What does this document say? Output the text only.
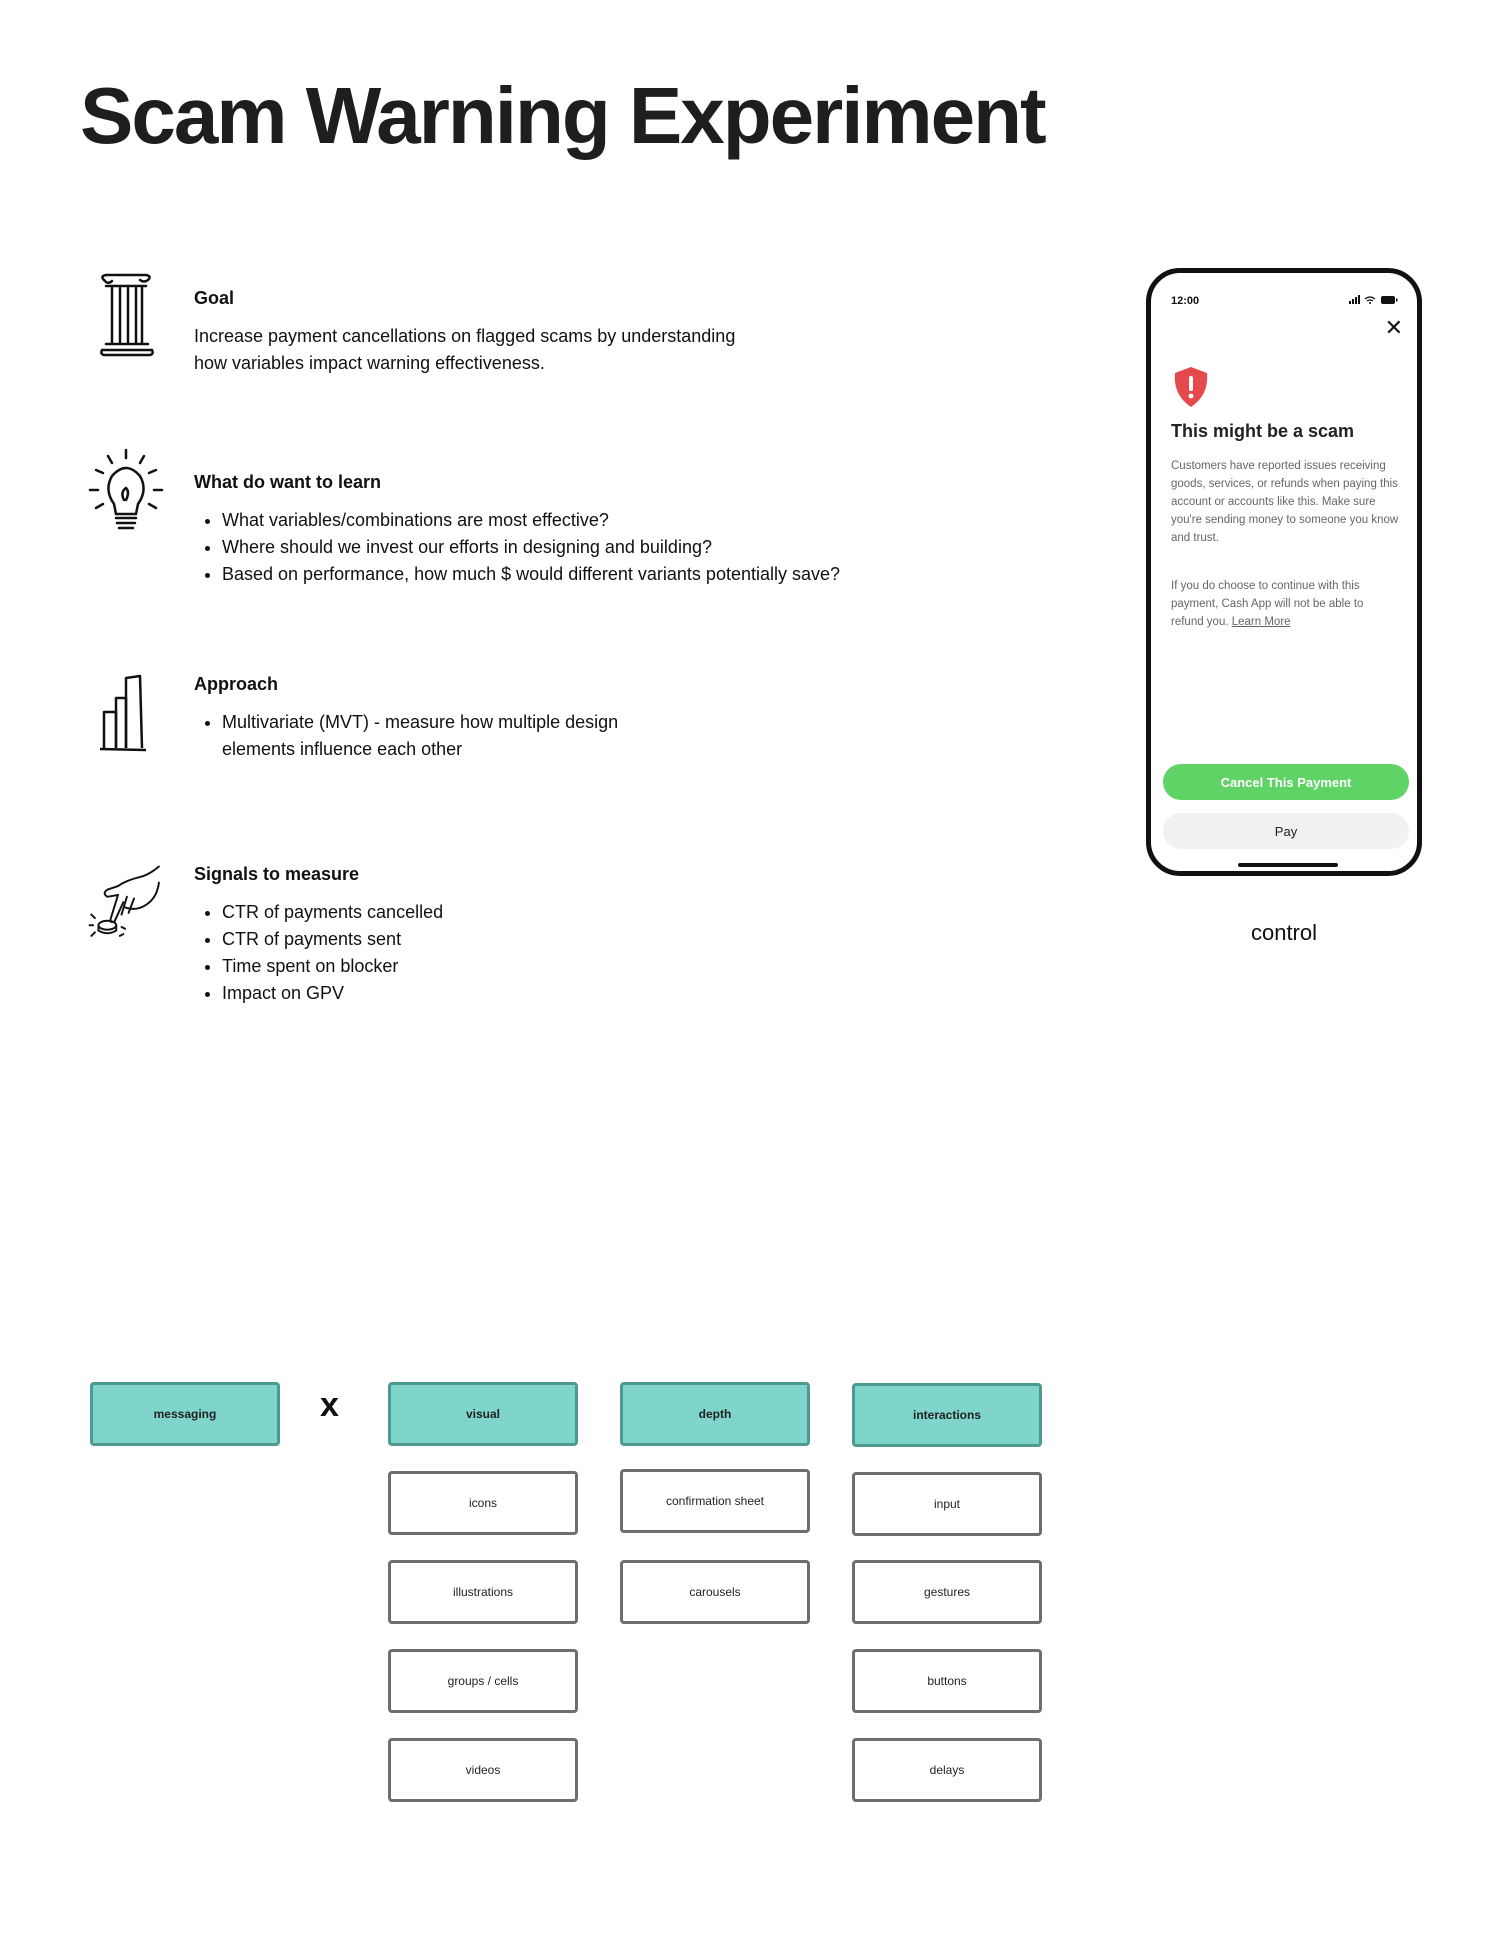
Scam Warning Experiment

Goal

Increase payment cancellations on flagged scams by understanding
how variables impact warning effectiveness.

What do want to learn

• What variables/combinations are most effective?
• Where should we invest our efforts in designing and building?
• Based on performance, how much $ would different variants potentially save?

Approach

• Multivariate (MVT) - measure how multiple design
elements influence each other

Signals to measure

• CTR of payments cancelled
• CTR of payments sent
• Time spent on blocker
• Impact on GPV
12:00
✕

This might be a scam

Customers have reported issues receiving goods, services, or refunds when paying this account or accounts like this. Make sure you're sending money to someone you know and trust.

If you do choose to continue with this payment, Cash App will not be able to refund you. Learn More

Cancel This Payment
Pay
control
messaging	x	visual
icons
illustrations
groups / cells
videos
depth
confirmation sheet
carousels
interactions
input
gestures
buttons
delays
